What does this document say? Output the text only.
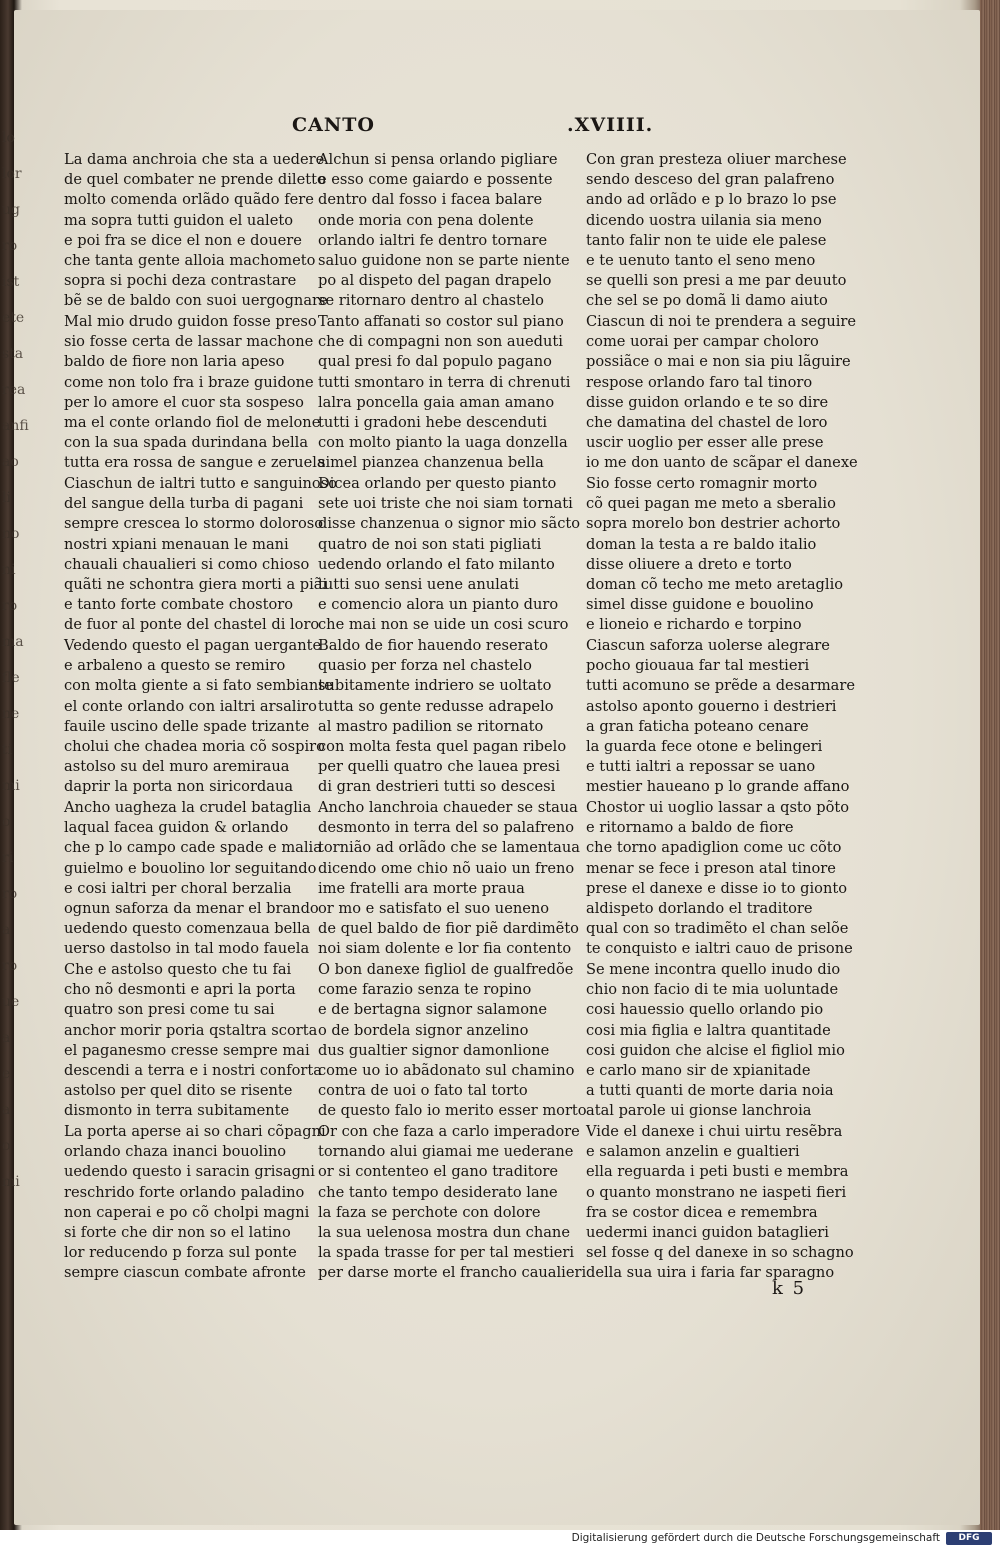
lo
lor
ug
ro
ist
ete
sta
rea
anfi
ao
li
no
ni
ro
ma
fle
ne
ti
mi
o
ri
ro
a
ro
ue
a
e
a
o
mi
CANTO	.XVIIII.
La dama anchroia che sta a uedere
de quel combater ne prende diletto
molto comenda orlãdo quãdo fere
ma sopra tutti guidon el ualeto
e poi fra se dice el non e douere
che tanta gente alloia machometo
sopra si pochi deza contrastare
bẽ se de baldo con suoi uergognare
Mal mio drudo guidon fosse preso
sio fosse certa de lassar machone
baldo de fiore non laria apeso
come non tolo fra i braze guidone
per lo amore el cuor sta sospeso
ma el conte orlando fiol de melone
con la sua spada durindana bella
tutta era rossa de sangue e zeruela
Ciaschun de ialtri tutto e sanguinoso
del sangue della turba di pagani
sempre crescea lo stormo doloroso
nostri xpiani menauan le mani
chauali chaualieri si como chioso
quãti ne schontra giera morti a piãi
e tanto forte combate chostoro
de fuor al ponte del chastel di loro
Vedendo questo el pagan uergante
e arbaleno a questo se remiro
con molta giente a si fato sembiante
el conte orlando con ialtri arsaliro
fauile uscino delle spade trizante
cholui che chadea moria cõ sospiro
astolso su del muro aremiraua
daprir la porta non siricordaua
Ancho uagheza la crudel bataglia
laqual facea guidon & orlando
che p lo campo cade spade e malia
guielmo e bouolino lor seguitando
e cosi ialtri per choral berzalia
ognun saforza da menar el brando
uedendo questo comenzaua bella
uerso dastolso in tal modo fauela
Che e astolso questo che tu fai
cho nõ desmonti e apri la porta
quatro son presi come tu sai
anchor morir poria qstaltra scorta
el paganesmo cresse sempre mai
descendi a terra e i nostri conforta
astolso per quel dito se risente
dismonto in terra subitamente
La porta aperse ai so chari cõpagni
orlando chaza inanci bouolino
uedendo questo i saracin grisagni
reschrido forte orlando paladino
non caperai e po cõ cholpi magni
si forte che dir non so el latino
lor reducendo p forza sul ponte
sempre ciascun combate afronte
Alchun si pensa orlando pigliare
e esso come gaiardo e possente
dentro dal fosso i facea balare
onde moria con pena dolente
orlando ialtri fe dentro tornare
saluo guidone non se parte niente
po al dispeto del pagan drapelo
se ritornaro dentro al chastelo
Tanto affanati so costor sul piano
che di compagni non son aueduti
qual presi fo dal populo pagano
tutti smontaro in terra di chrenuti
lalra poncella gaia aman amano
tutti i gradoni hebe descenduti
con molto pianto la uaga donzella
simel pianzea chanzenua bella
Dicea orlando per questo pianto
sete uoi triste che noi siam tornati
disse chanzenua o signor mio sãcto
quatro de noi son stati pigliati
uedendo orlando el fato milanto
tutti suo sensi uene anulati
e comencio alora un pianto duro
che mai non se uide un cosi scuro
Baldo de fior hauendo reserato
quasio per forza nel chastelo
subitamente indriero se uoltato
tutta so gente redusse adrapelo
al mastro padilion se ritornato
con molta festa quel pagan ribelo
per quelli quatro che lauea presi
di gran destrieri tutti so descesi
Ancho lanchroia chaueder se staua
desmonto in terra del so palafreno
tornião ad orlãdo che se lamentaua
dicendo ome chio nõ uaio un freno
ime fratelli ara morte praua
or mo e satisfato el suo ueneno
de quel baldo de fior piẽ dardimẽto
noi siam dolente e lor fia contento
O bon danexe figliol de gualfredõe
come farazio senza te ropino
e de bertagna signor salamone
o de bordela signor anzelino
dus gualtier signor damonlione
come uo io abãdonato sul chamino
contra de uoi o fato tal torto
de questo falo io merito esser morto
Or con che faza a carlo imperadore
tornando alui giamai me uederane
or si contenteo el gano traditore
che tanto tempo desiderato lane
la faza se perchote con dolore
la sua uelenosa mostra dun chane
la spada trasse for per tal mestieri
per darse morte el francho caualieri
Con gran presteza oliuer marchese
sendo desceso del gran palafreno
ando ad orlãdo e p lo brazo lo pse
dicendo uostra uilania sia meno
tanto falir non te uide ele palese
e te uenuto tanto el seno meno
se quelli son presi a me par deuuto
che sel se po domã li damo aiuto
Ciascun di noi te prendera a seguire
come uorai per campar choloro
possiãce o mai e non sia piu lãguire
respose orlando faro tal tinoro
disse guidon orlando e te so dire
che damatina del chastel de loro
uscir uoglio per esser alle prese
io me don uanto de scãpar el danexe
Sio fosse certo romagnir morto
cõ quei pagan me meto a sberalio
sopra morelo bon destrier achorto
doman la testa a re baldo italio
disse oliuere a dreto e torto
doman cõ techo me meto aretaglio
simel disse guidone e bouolino
e lioneio e richardo e torpino
Ciascun saforza uolerse alegrare
pocho giouaua far tal mestieri
tutti acomuno se prẽde a desarmare
astolso aponto gouerno i destrieri
a gran faticha poteano cenare
la guarda fece otone e belingeri
e tutti ialtri a repossar se uano
mestier haueano p lo grande affano
Chostor ui uoglio lassar a qsto põto
e ritornamo a baldo de fiore
che torno apadiglion come uc cõto
menar se fece i preson atal tinore
prese el danexe e disse io to gionto
aldispeto dorlando el traditore
qual con so tradimẽto el chan selõe
te conquisto e ialtri cauo de prisone
Se mene incontra quello inudo dio
chio non facio di te mia uoluntade
cosi hauessio quello orlando pio
cosi mia figlia e laltra quantitade
cosi guidon che alcise el figliol mio
e carlo mano sir de xpianitade
a tutti quanti de morte daria noia
atal parole ui gionse lanchroia
Vide el danexe i chui uirtu resẽbra
e salamon anzelin e gualtieri
ella reguarda i peti busti e membra
o quanto monstrano ne iaspeti fieri
fra se costor dicea e remembra
uedermi inanci guidon bataglieri
sel fosse q del danexe in so schagno
della sua uira i faria far sparagno
k 5
Digitalisierung gefördert durch die Deutsche Forschungsgemeinschaft	DFG
